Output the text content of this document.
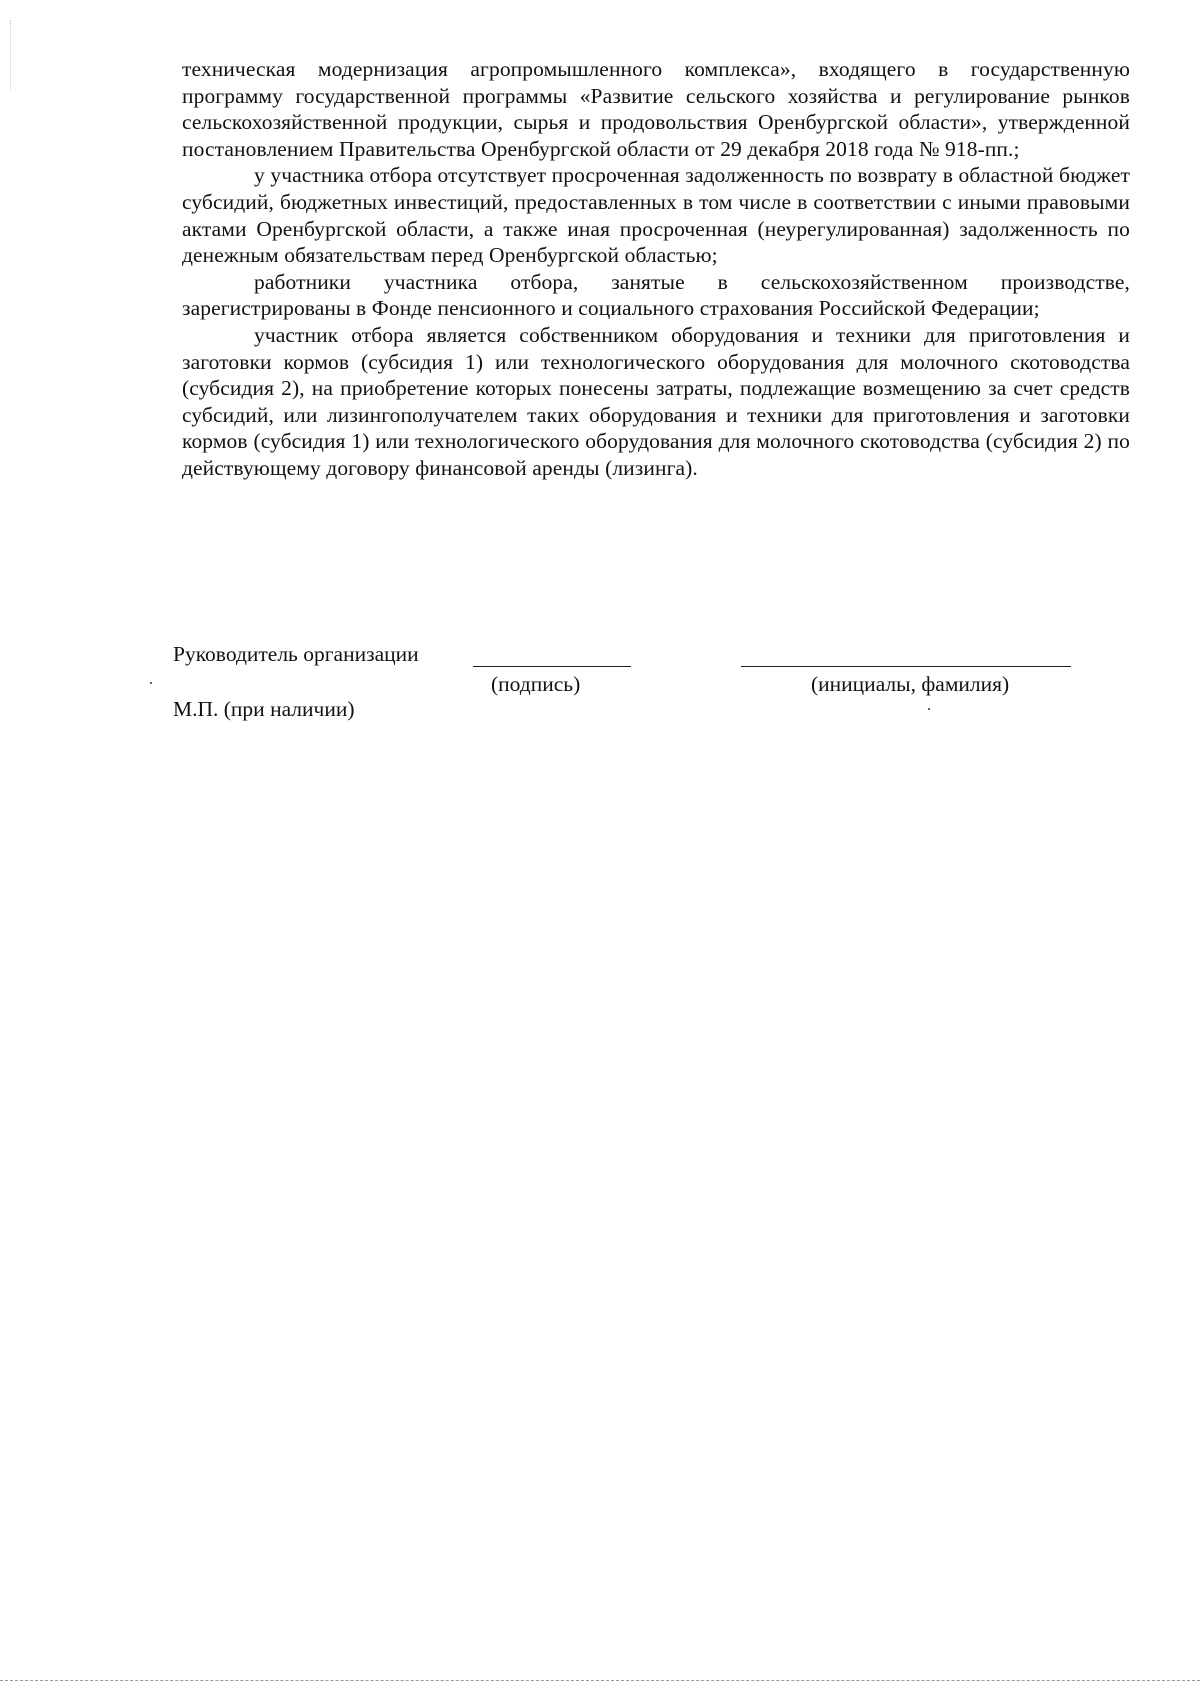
техническая модернизация агропромышленного комплекса», входящего в государственную программу государственной программы «Развитие сельского хозяйства и регулирование рынков сельскохозяйственной продукции, сырья и продовольствия Оренбургской области», утвержденной постановлением Правительства Оренбургской области от 29 декабря 2018 года № 918-пп.;

у участника отбора отсутствует просроченная задолженность по возврату в областной бюджет субсидий, бюджетных инвестиций, предоставленных в том числе в соответствии с иными правовыми актами Оренбургской области, а также иная просроченная (неурегулированная) задолженность по денежным обязательствам перед Оренбургской областью;

работники участника отбора, занятые в сельскохозяйственном производстве, зарегистрированы в Фонде пенсионного и социального страхования Российской Федерации;

участник отбора является собственником оборудования и техники для приготовления и заготовки кормов (субсидия 1) или технологического оборудования для молочного скотоводства (субсидия 2), на приобретение которых понесены затраты, подлежащие возмещению за счет средств субсидий, или лизингополучателем таких оборудования и техники для приготовления и заготовки кормов (субсидия 1) или технологического оборудования для молочного скотоводства (субсидия 2) по действующему договору финансовой аренды (лизинга).

Руководитель организации
(подпись)	(инициалы, фамилия)
М.П. (при наличии)
